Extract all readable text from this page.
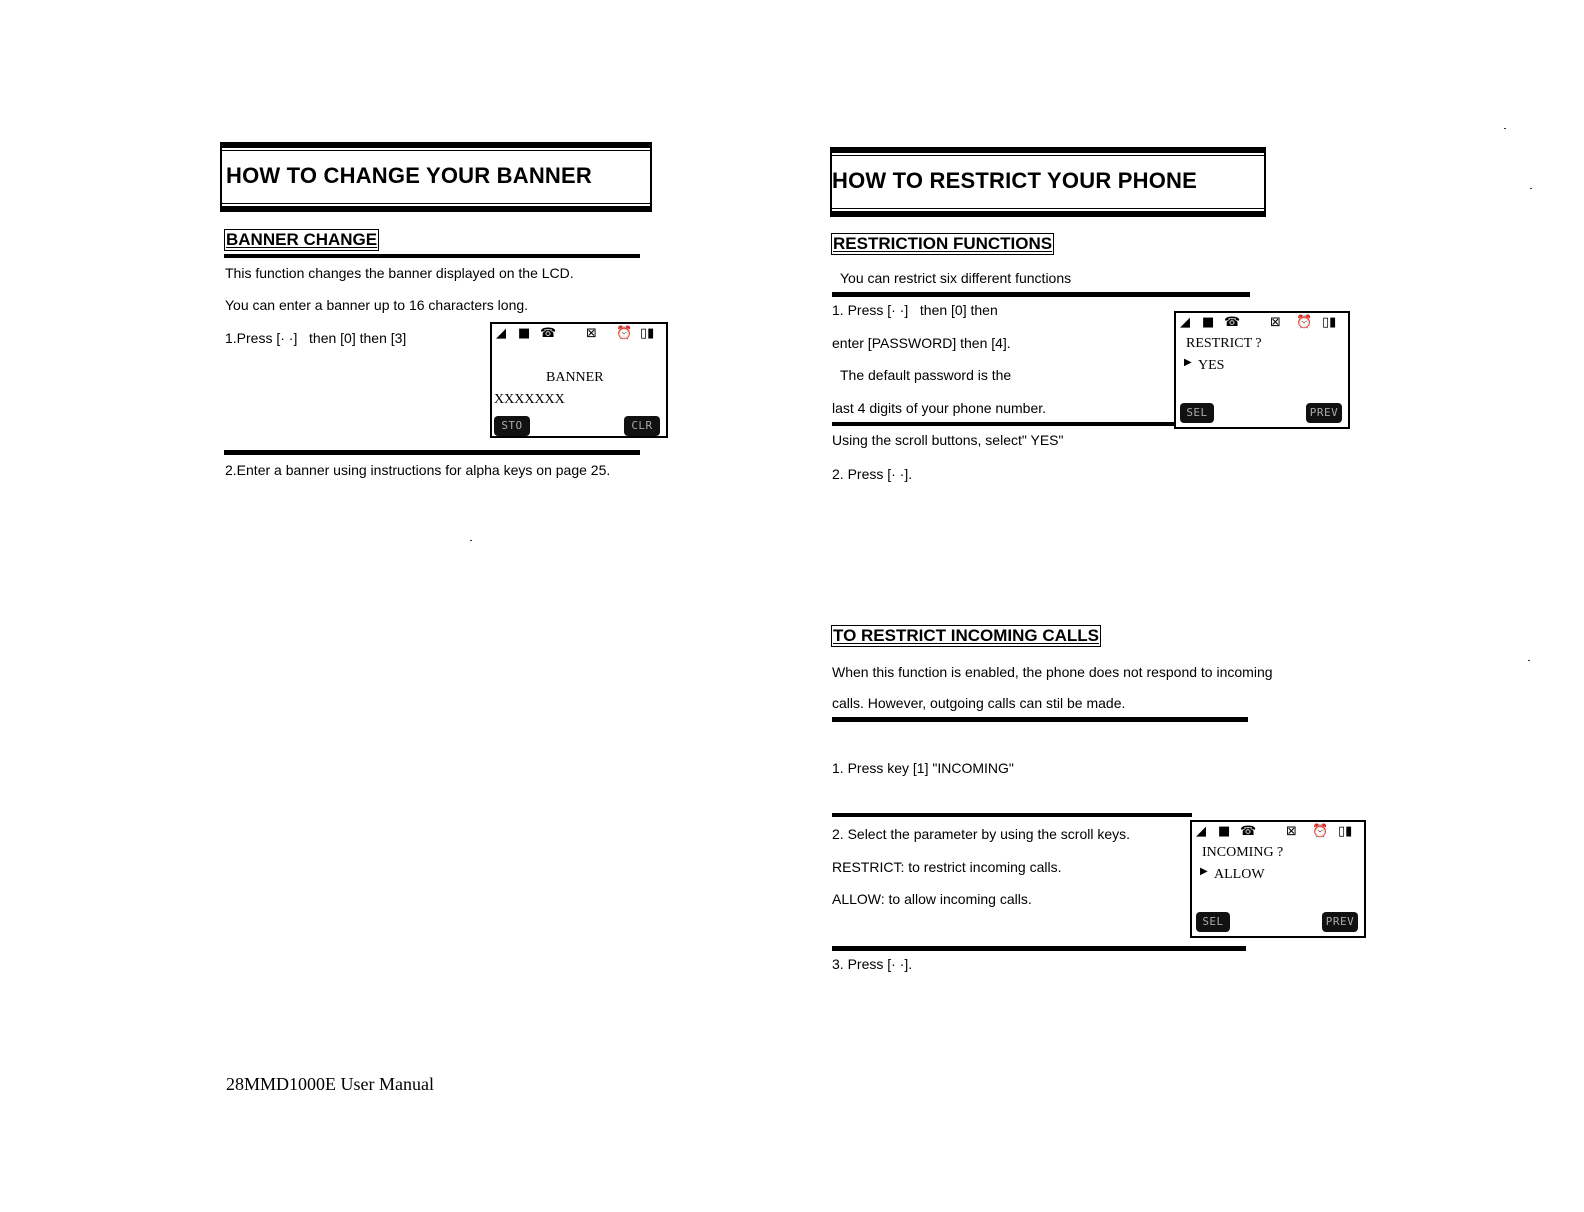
HOW TO CHANGE YOUR BANNER
BANNER CHANGE
This function changes the banner displayed on the LCD.
You can enter a banner up to 16 characters long.
1.Press [· ·]   then [0] then [3]	◢ ■ ☎ ⊠ ⏰ ▯▮
BANNER
XXXXXXX
STO	CLR
2.Enter a banner using instructions for alpha keys on page 25.
28MMD1000E User Manual
HOW TO RESTRICT YOUR PHONE
RESTRICTION FUNCTIONS
You can restrict six different functions
1. Press [· ·]   then [0] then
enter [PASSWORD] then [4].
The default password is the
last 4 digits of your phone number.
◢ ■ ☎ ⊠ ⏰ ▯▮
RESTRICT ?
▶ YES
SEL	PREV
Using the scroll buttons, select" YES"
2. Press [· ·].
TO RESTRICT INCOMING CALLS
When this function is enabled, the phone does not respond to incoming
calls. However, outgoing calls can stil be made.
1. Press key [1] "INCOMING"
2. Select the parameter by using the scroll keys.
RESTRICT: to restrict incoming calls.
ALLOW: to allow incoming calls.
◢ ■ ☎ ⊠ ⏰ ▯▮
INCOMING ?
▶ ALLOW
SEL	PREV
3. Press [· ·].
